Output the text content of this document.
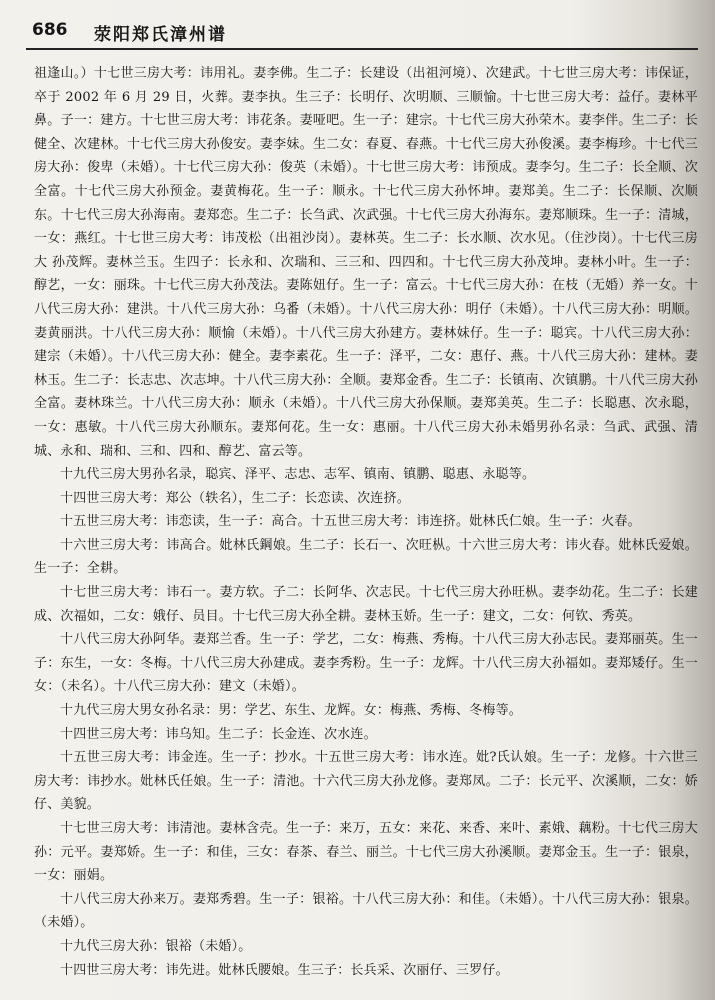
686 荥阳郑氏漳州谱

祖逢山。）十七世三房大考：讳用礼。妻李佛。生二子：长建设（出祖河境）、次建武。十七世三房大考：讳保证，卒于 2002 年 6 月 29 日，火葬。妻李执。生三子：长明仔、次明顺、三顺愉。十七世三房大考：益仔。妻林平鼻。子一：建方。十七世三房大考：讳花条。妻哑吧。生一子：建宗。十七代三房大孙荣木。妻李伴。生二子：长健全、次建林。十七代三房大孙俊安。妻李妹。生二女：春夏、春燕。十七代三房大孙俊溪。妻李梅珍。十七代三房大孙：俊卑（未婚）。十七代三房大孙：俊英（未婚）。十七世三房大考：讳预成。妻李匀。生二子：长全顺、次全富。十七代三房大孙预金。妻黄梅花。生一子：顺永。十七代三房大孙怀坤。妻郑美。生二子：长保顺、次顺东。十七代三房大孙海南。妻郑恋。生二子：长刍武、次武强。十七代三房大孙海东。妻郑顺珠。生一子：清城，一女：燕红。十七世三房大考：讳茂松（出祖沙岗）。妻林英。生二子：长水顺、次水见。（住沙岗）。十七代三房大 孙茂辉。妻林兰玉。生四子：长永和、次瑞和、三三和、四四和。十七代三房大孙茂坤。妻林小叶。生一子：醇艺，一女：丽珠。十七代三房大孙茂法。妻陈妞仔。生一子：富云。十七代三房大孙：在枝（无婚）养一女。十八代三房大孙：建洪。十八代三房大孙：乌番（未婚）。十八代三房大孙：明仔（未婚）。十八代三房大孙：明顺。妻黄丽洪。十八代三房大孙：顺愉（未婚）。十八代三房大孙建方。妻林妹仔。生一子：聪宾。十八代三房大孙：建宗（未婚）。十八代三房大孙：健全。妻李素花。生一子：泽平，二女：惠仔、燕。十八代三房大孙：建林。妻林玉。生二子：长志忠、次志坤。十八代三房大孙：全顺。妻郑金香。生二子：长镇南、次镇鹏。十八代三房大孙全富。妻林珠兰。十八代三房大孙：顺永（未婚）。十八代三房大孙保顺。妻郑美英。生二子：长聪惠、次永聪，一女：惠敏。十八代三房大孙顺东。妻郑何花。生一女：惠丽。十八代三房大孙未婚男孙名录：刍武、武强、清 城、永和、瑞和、三和、四和、醇艺、富云等。

十九代三房大男孙名录，聪宾、泽平、志忠、志军、镇南、镇鹏、聪惠、永聪等。

十四世三房大考：郑公（轶名），生二子：长恋读、次连挤。

十五世三房大考：讳恋读，生一子：高合。十五世三房大考：讳连挤。妣林氏仁娘。生一子：火春。

十六世三房大考：讳高合。妣林氏鋼娘。生二子：长石一、次旺枞。十六世三房大考：讳火春。妣林氏爱娘。生一子：全耕。

十七世三房大考：讳石一。妻方软。子二：长阿华、次志民。十七代三房大孙旺枞。妻李幼花。生二子：长建成、次福如，二女：娥仔、员目。十七代三房大孙全耕。妻林玉娇。生一子：建文，二女：何钦、秀英。

十八代三房大孙阿华。妻郑兰香。生一子：学艺，二女：梅燕、秀梅。十八代三房大孙志民。妻郑丽英。生一子：东生，一女：冬梅。十八代三房大孙建成。妻李秀粉。生一子：龙辉。十八代三房大孙福如。妻郑矮仔。生一女：（未名）。十八代三房大孙：建文（未婚）。

十九代三房大男女孙名录：男：学艺、东生、龙辉。女：梅燕、秀梅、冬梅等。

十四世三房大考：讳乌知。生二子：长金连、次水连。

十五世三房大考：讳金连。生一子：抄水。十五世三房大考：讳水连。妣?氏认娘。生一子：龙修。十六世三房大考：讳抄水。妣林氏任娘。生一子：清池。十六代三房大孙龙修。妻郑凤。二子：长元平、次溪顺，二女：娇仔、美貌。

十七世三房大考：讳清池。妻林含壳。生一子：来万，五女：来花、来香、来叶、素娥、藕粉。十七代三房大孙：元平。妻郑娇。生一子：和佳，三女：春茶、春兰、丽兰。十七代三房大孙溪顺。妻郑金玉。生一子：银泉，一女：丽娟。

十八代三房大孙来万。妻郑秀碧。生一子：银裕。十八代三房大孙：和佳。（未婚）。十八代三房大孙：银泉。（未婚）。

十九代三房大孙：银裕（未婚）。

十四世三房大考：讳先进。妣林氏腰娘。生三子：长兵采、次丽仔、三罗仔。
